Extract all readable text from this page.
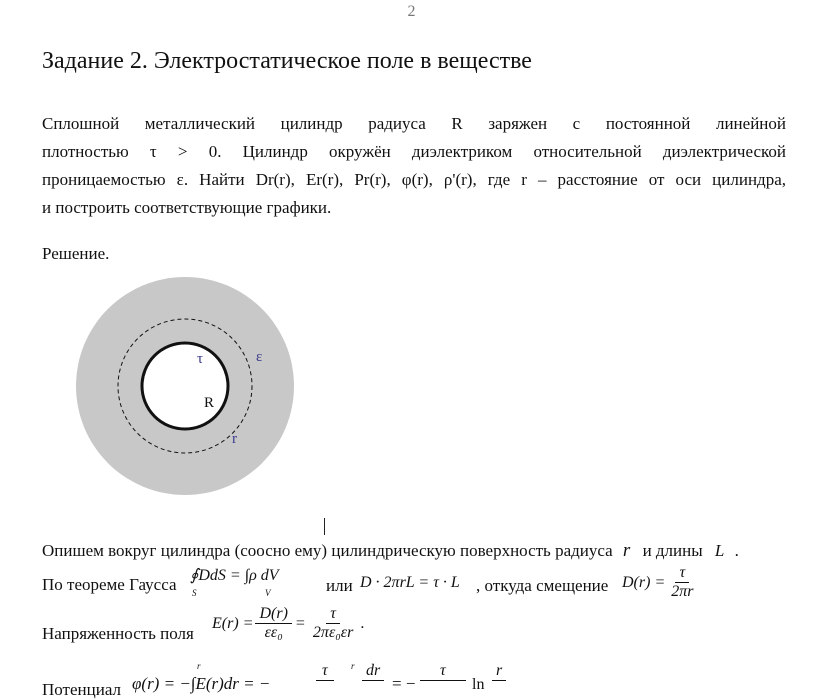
2
Задание 2. Электростатическое поле в веществе
Сплошной металлический цилиндр радиуса R заряжен с постоянной линейной
плотностью τ > 0. Цилиндр окружён диэлектриком относительной диэлектрической
проницаемостью ε. Найти Dr(r), Er(r), Pr(r), φ(r), ρ'(r), где r – расстояние от оси цилиндра,
и построить соответствующие графики.
Решение.
τ	ε
R
r
Опишем вокруг цилиндра (соосно ему) цилиндрическую поверхность радиуса r и длины L .
По теореме Гаусса ∮DdS = ∫ρ dV
S	V	или D · 2πrL = τ · L , откуда смещение $D(r) = \frac{\tau}{2\pi r}$
Напряженность поля
$E(r) = \frac{D(r)}{\text{εε₀}} = \frac{\tau}{\text{2πε₀εr}}$ .
Потенциал
r
φ(r) = −∫E(r)dr = −
τ	r dr
= −
τ
ln
r
